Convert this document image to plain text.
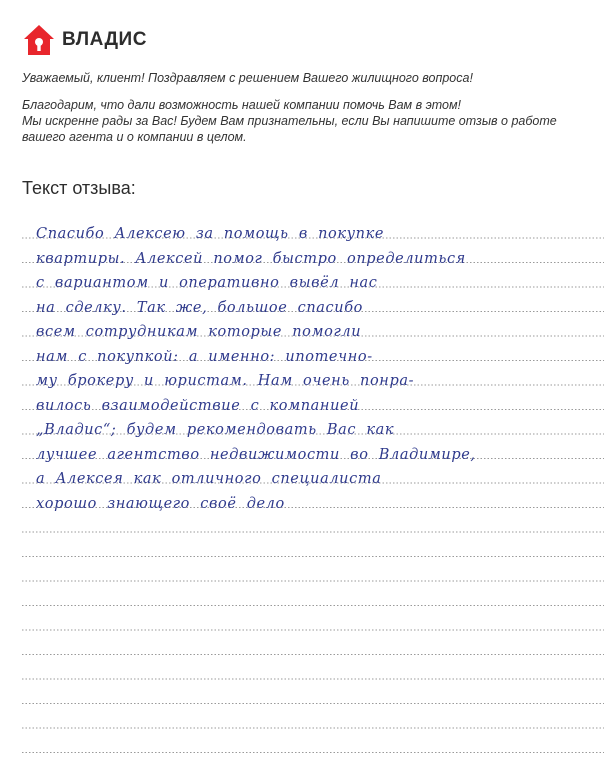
ВЛАДИС

Уважаемый, клиент! Поздравляем с решением Вашего жилищного вопроса!

Благодарим, что дали возможность нашей компании помочь Вам в этом!
Мы искренне рады за Вас! Будем Вам признательны, если Вы напишите отзыв о работе
вашего агента и о компании в целом.

Текст отзыва:
Спасибо Алексею за помощь в покупке
квартиры. Алексей помог быстро определиться
с вариантом и оперативно вывёл нас
на сделку. Так же, большое спасибо
всем сотрудникам которые помогли
нам с покупкой: а именно: ипотечно-
му брокеру и юристам. Нам очень понра-
вилось взаимодействие с компанией
„Владис“; будем рекомендовать Вас как
лучшее агентство недвижимости во Владимире,
а Алексея как отличного специалиста
хорошо знающего своё дело
